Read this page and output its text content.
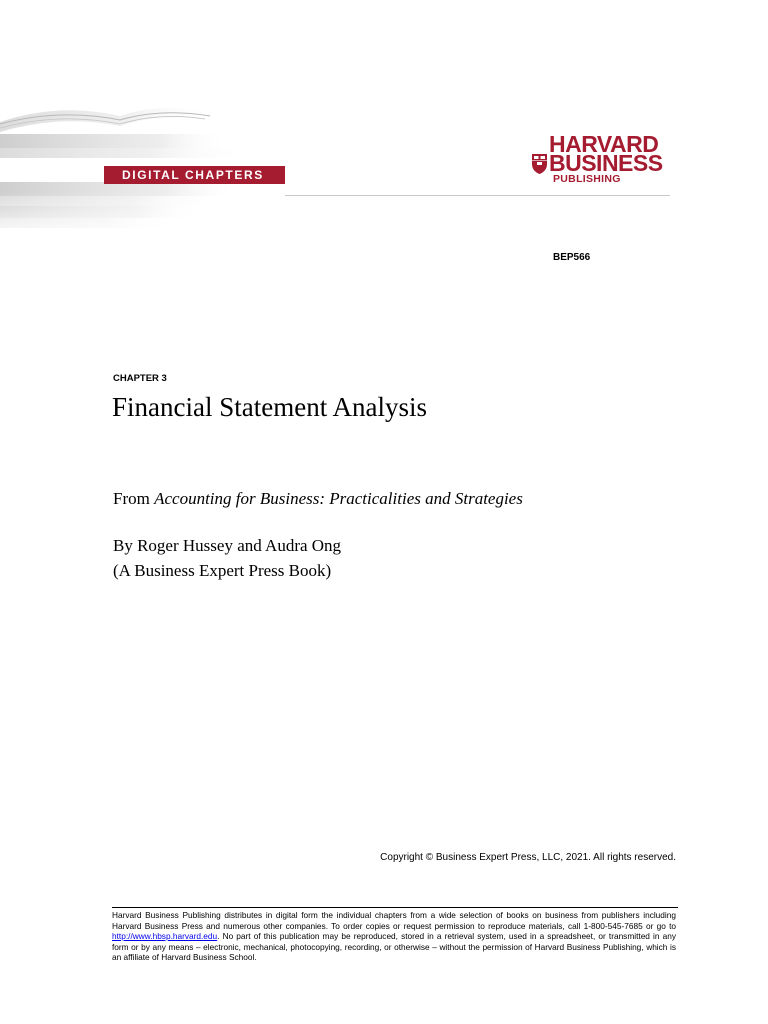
DIGITAL CHAPTERS
HARVARD
BUSINESS
PUBLISHING
BEP566
CHAPTER 3
Financial Statement Analysis
From Accounting for Business: Practicalities and Strategies
By Roger Hussey and Audra Ong
(A Business Expert Press Book)
Copyright © Business Expert Press, LLC, 2021. All rights reserved.
Harvard Business Publishing distributes in digital form the individual chapters from a wide selection of books on business from publishers including Harvard Business Press and numerous other companies. To order copies or request permission to reproduce materials, call 1-800-545-7685 or go to http://www.hbsp.harvard.edu. No part of this publication may be reproduced, stored in a retrieval system, used in a spreadsheet, or transmitted in any form or by any means – electronic, mechanical, photocopying, recording, or otherwise – without the permission of Harvard Business Publishing, which is an affiliate of Harvard Business School.
